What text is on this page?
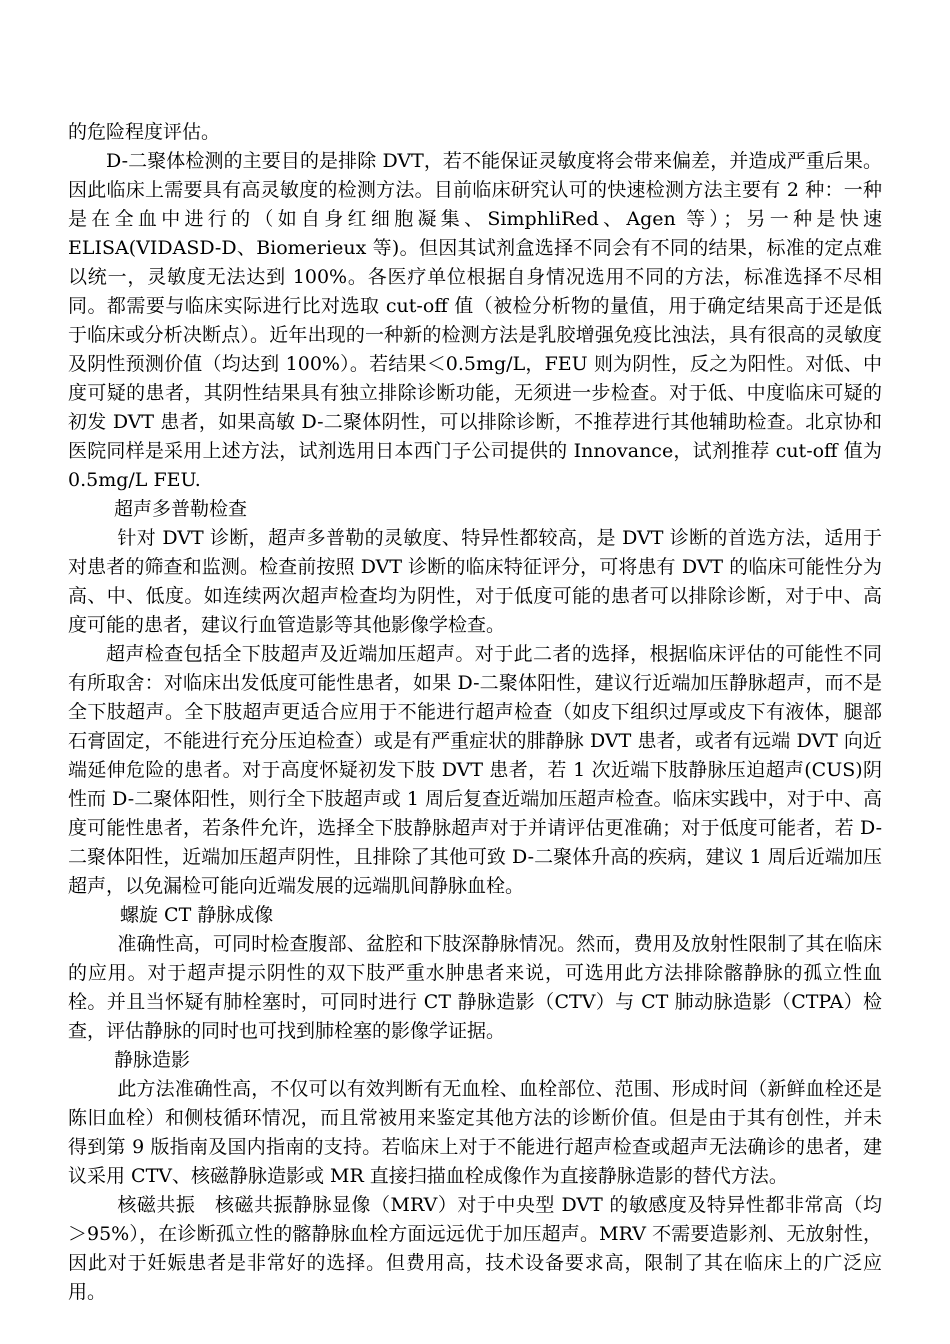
的危险程度评估。

D-二聚体检测的主要目的是排除 DVT，若不能保证灵敏度将会带来偏差，并造成严重后果。因此临床上需要具有高灵敏度的检测方法。目前临床研究认可的快速检测方法主要有 2 种：一种是在全血中进行的（如自身红细胞凝集、SimphliRed、Agen 等）；另一种是快速 ELISA(VIDASD-D、Biomerieux 等)。但因其试剂盒选择不同会有不同的结果，标准的定点难以统一，灵敏度无法达到 100%。各医疗单位根据自身情况选用不同的方法，标准选择不尽相同。都需要与临床实际进行比对选取 cut-off 值（被检分析物的量值，用于确定结果高于还是低于临床或分析决断点）。近年出现的一种新的检测方法是乳胶增强免疫比浊法，具有很高的灵敏度及阴性预测价值（均达到 100%）。若结果＜0.5mg/L，FEU 则为阴性，反之为阳性。对低、中度可疑的患者，其阴性结果具有独立排除诊断功能，无须进一步检查。对于低、中度临床可疑的初发 DVT 患者，如果高敏 D-二聚体阴性，可以排除诊断，不推荐进行其他辅助检查。北京协和医院同样是采用上述方法，试剂选用日本西门子公司提供的 Innovance，试剂推荐 cut-off 值为 0.5mg/L FEU.

超声多普勒检查

针对 DVT 诊断，超声多普勒的灵敏度、特异性都较高，是 DVT 诊断的首选方法，适用于对患者的筛查和监测。检查前按照 DVT 诊断的临床特征评分，可将患有 DVT 的临床可能性分为高、中、低度。如连续两次超声检查均为阴性，对于低度可能的患者可以排除诊断，对于中、高度可能的患者，建议行血管造影等其他影像学检查。

超声检查包括全下肢超声及近端加压超声。对于此二者的选择，根据临床评估的可能性不同有所取舍：对临床出发低度可能性患者，如果 D-二聚体阳性，建议行近端加压静脉超声，而不是全下肢超声。全下肢超声更适合应用于不能进行超声检查（如皮下组织过厚或皮下有液体，腿部石膏固定，不能进行充分压迫检查）或是有严重症状的腓静脉 DVT 患者，或者有远端 DVT 向近端延伸危险的患者。对于高度怀疑初发下肢 DVT 患者，若 1 次近端下肢静脉压迫超声(CUS)阴性而 D-二聚体阳性，则行全下肢超声或 1 周后复查近端加压超声检查。临床实践中，对于中、高度可能性患者，若条件允许，选择全下肢静脉超声对于并请评估更准确；对于低度可能者，若 D-二聚体阳性，近端加压超声阴性，且排除了其他可致 D-二聚体升高的疾病，建议 1 周后近端加压超声，以免漏检可能向近端发展的远端肌间静脉血栓。

螺旋 CT 静脉成像

准确性高，可同时检查腹部、盆腔和下肢深静脉情况。然而，费用及放射性限制了其在临床的应用。对于超声提示阴性的双下肢严重水肿患者来说，可选用此方法排除髂静脉的孤立性血栓。并且当怀疑有肺栓塞时，可同时进行 CT 静脉造影（CTV）与 CT 肺动脉造影（CTPA）检查，评估静脉的同时也可找到肺栓塞的影像学证据。

静脉造影

此方法准确性高，不仅可以有效判断有无血栓、血栓部位、范围、形成时间（新鲜血栓还是陈旧血栓）和侧枝循环情况，而且常被用来鉴定其他方法的诊断价值。但是由于其有创性，并未得到第 9 版指南及国内指南的支持。若临床上对于不能进行超声检查或超声无法确诊的患者，建议采用 CTV、核磁静脉造影或 MR 直接扫描血栓成像作为直接静脉造影的替代方法。

核磁共振　核磁共振静脉显像（MRV）对于中央型 DVT 的敏感度及特异性都非常高（均＞95%），在诊断孤立性的髂静脉血栓方面远远优于加压超声。MRV 不需要造影剂、无放射性，因此对于妊娠患者是非常好的选择。但费用高，技术设备要求高，限制了其在临床上的广泛应用。
